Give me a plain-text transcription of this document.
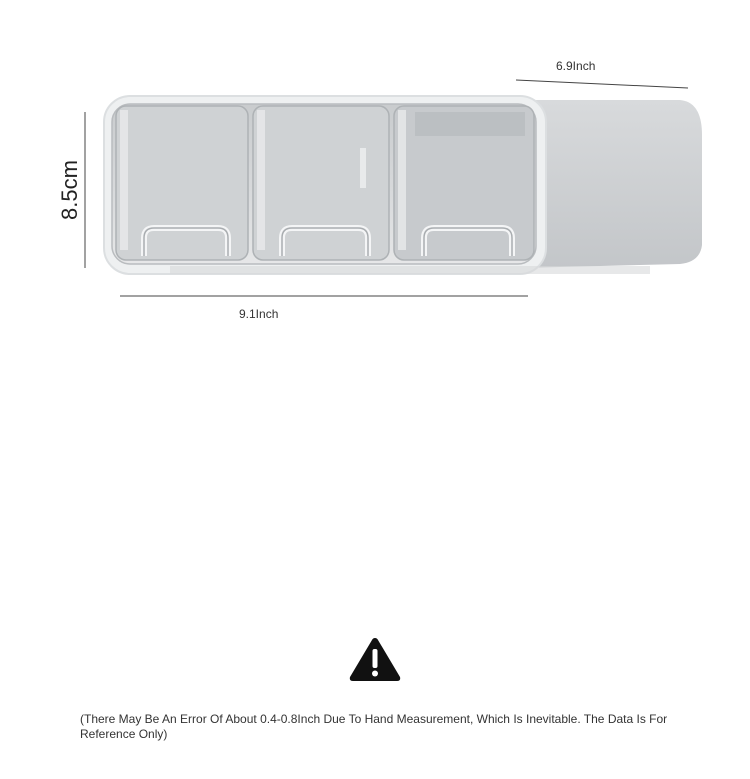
6.9Inch
8.5cm
9.1Inch
(There May Be An Error Of About 0.4-0.8Inch Due To Hand Measurement, Which Is Inevitable. The Data Is For Reference Only)
